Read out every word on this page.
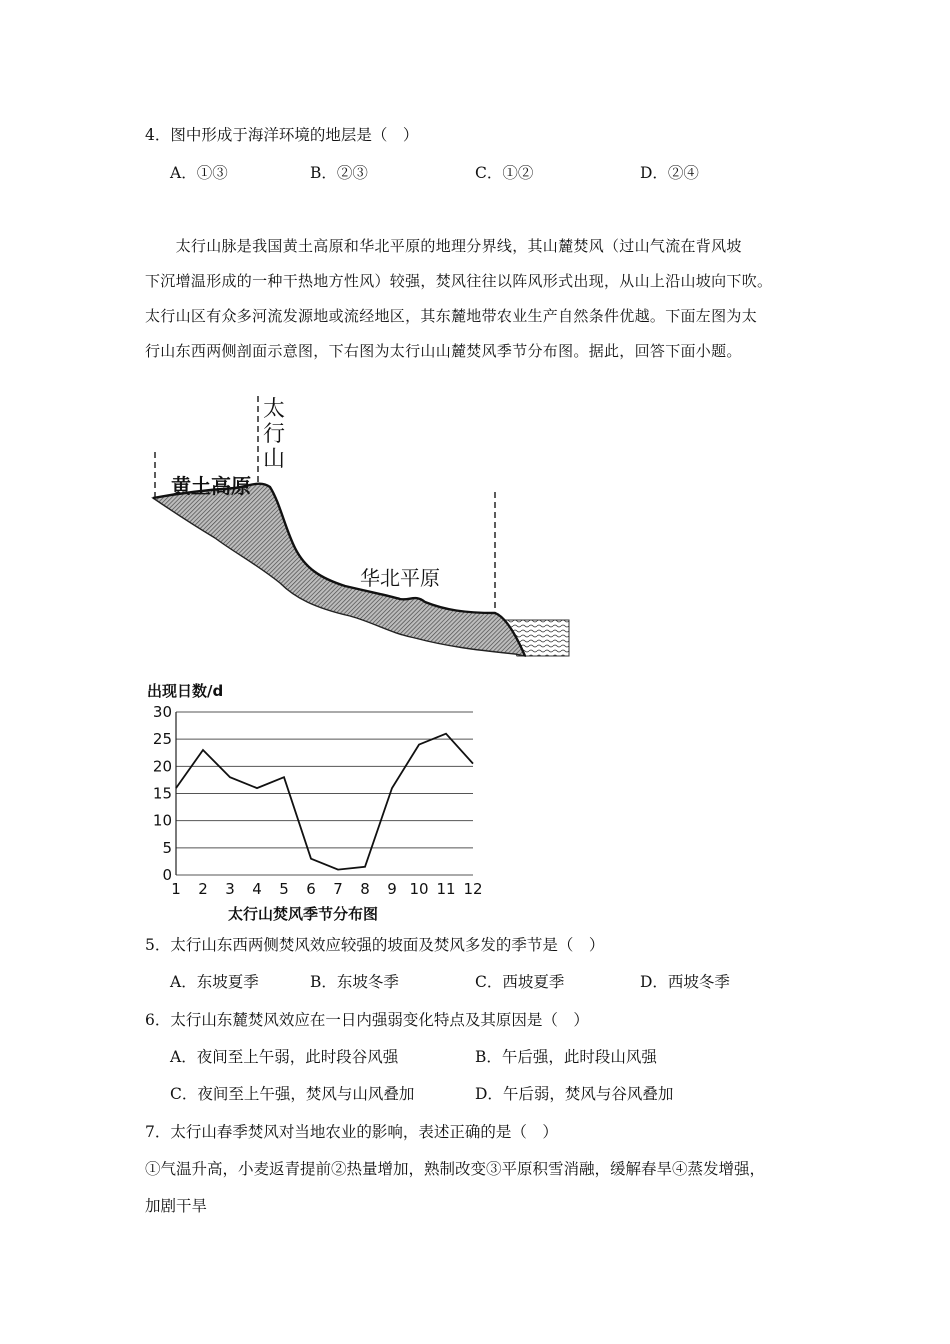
4．图中形成于海洋环境的地层是（　）
A．①③	B．②③	C．①②	D．②④

　　太行山脉是我国黄土高原和华北平原的地理分界线，其山麓焚风（过山气流在背风坡

下沉增温形成的一种干热地方性风）较强，焚风往往以阵风形式出现，从山上沿山坡向下吹。

太行山区有众多河流发源地或流经地区，其东麓地带农业生产自然条件优越。下面左图为太

行山东西两侧剖面示意图，下右图为太行山山麓焚风季节分布图。据此，回答下面小题。

太
行
山
黄土高原
华北平原
出现日数/d
0
5
10
15
20
25
30
1 2 3 4 5 6 7 8 9 10 11 12
太行山焚风季节分布图
5．太行山东西两侧焚风效应较强的坡面及焚风多发的季节是（　）
A．东坡夏季	B．东坡冬季	C．西坡夏季	D．西坡冬季
6．太行山东麓焚风效应在一日内强弱变化特点及其原因是（　）
A．夜间至上午弱，此时段谷风强	B．午后强，此时段山风强
C．夜间至上午强，焚风与山风叠加	D．午后弱，焚风与谷风叠加
7．太行山春季焚风对当地农业的影响，表述正确的是（　）
①气温升高，小麦返青提前②热量增加，熟制改变③平原积雪消融，缓解春旱④蒸发增强，
加剧干旱
